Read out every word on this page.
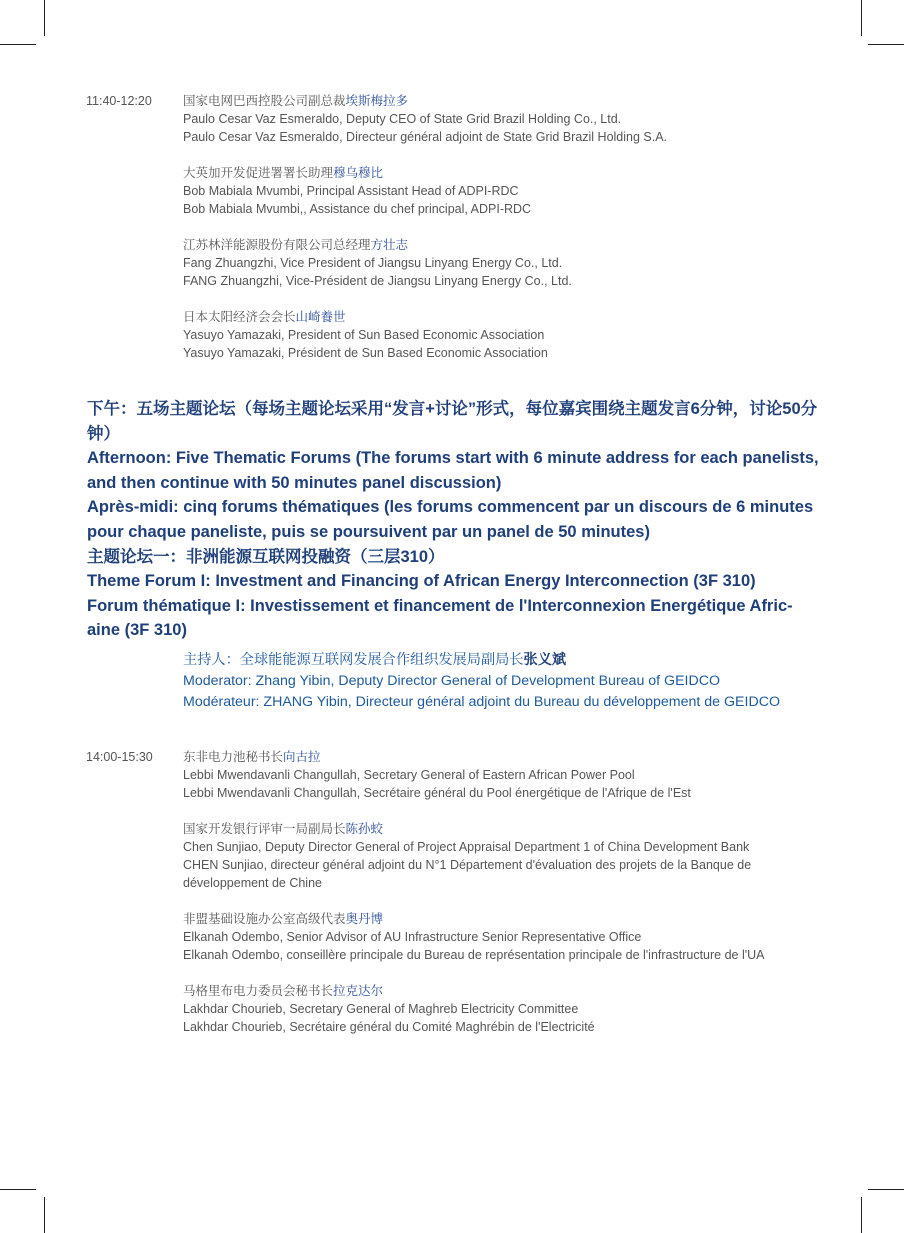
11:40-12:20 国家电网巴西控股公司副总裁埃斯梅拉多
Paulo Cesar Vaz Esmeraldo, Deputy CEO of State Grid Brazil Holding Co., Ltd.
Paulo Cesar Vaz Esmeraldo, Directeur général adjoint de State Grid Brazil Holding S.A.
大英加开发促进署署长助理穆乌穆比
Bob Mabiala Mvumbi, Principal Assistant Head of ADPI-RDC
Bob Mabiala Mvumbi,, Assistance du chef principal, ADPI-RDC
江苏林洋能源股份有限公司总经理方壮志
Fang Zhuangzhi, Vice President of Jiangsu Linyang Energy Co., Ltd.
FANG Zhuangzhi, Vice-Président de Jiangsu Linyang Energy Co., Ltd.
日本太阳经济会会长山崎養世
Yasuyo Yamazaki, President of Sun Based Economic Association
Yasuyo Yamazaki, Président de Sun Based Economic Association
下午：五场主题论坛（每场主题论坛采用“发言+讨论”形式，每位嘉宾围绕主题发言6分钟，讨论50分钟）
Afternoon: Five Thematic Forums (The forums start with 6 minute address for each panelists, and then continue with 50 minutes panel discussion)
Après-midi: cinq forums thématiques (les forums commencent par un discours de 6 minutes pour chaque paneliste, puis se poursuivent par un panel de 50 minutes)
主题论坛一：非洲能源互联网投融资（三层310）
Theme Forum I: Investment and Financing of African Energy Interconnection (3F 310)
Forum thématique I: Investissement et financement de l'Interconnexion Energétique Afric-aine (3F 310)
主持人：全球能能源互联网发展合作组织发展局副局长张义斌
Moderator: Zhang Yibin, Deputy Director General of Development Bureau of GEIDCO
Modérateur: ZHANG Yibin, Directeur général adjoint du Bureau du développement de GEIDCO
14:00-15:30 东非电力池秘书长向古拉
Lebbi Mwendavanli Changullah, Secretary General of Eastern African Power Pool
Lebbi Mwendavanli Changullah, Secrétaire général du Pool énergétique de l'Afrique de l'Est
国家开发银行评审一局副局长陈孙蛟
Chen Sunjiao, Deputy Director General of Project Appraisal Department 1 of China Development Bank
CHEN Sunjiao, directeur général adjoint du N°1 Département d'évaluation des projets de la Banque de développement de Chine
非盟基础设施办公室高级代表奥丹博
Elkanah Odembo, Senior Advisor of AU Infrastructure Senior Representative Office
Elkanah Odembo, conseillère principale du Bureau de représentation principale de l'infrastructure de l'UA
马格里布电力委员会秘书长拉克达尔
Lakhdar Chourieb, Secretary General of Maghreb Electricity Committee
Lakhdar Chourieb, Secrétaire général du Comité Maghrébin de l'Electricité
